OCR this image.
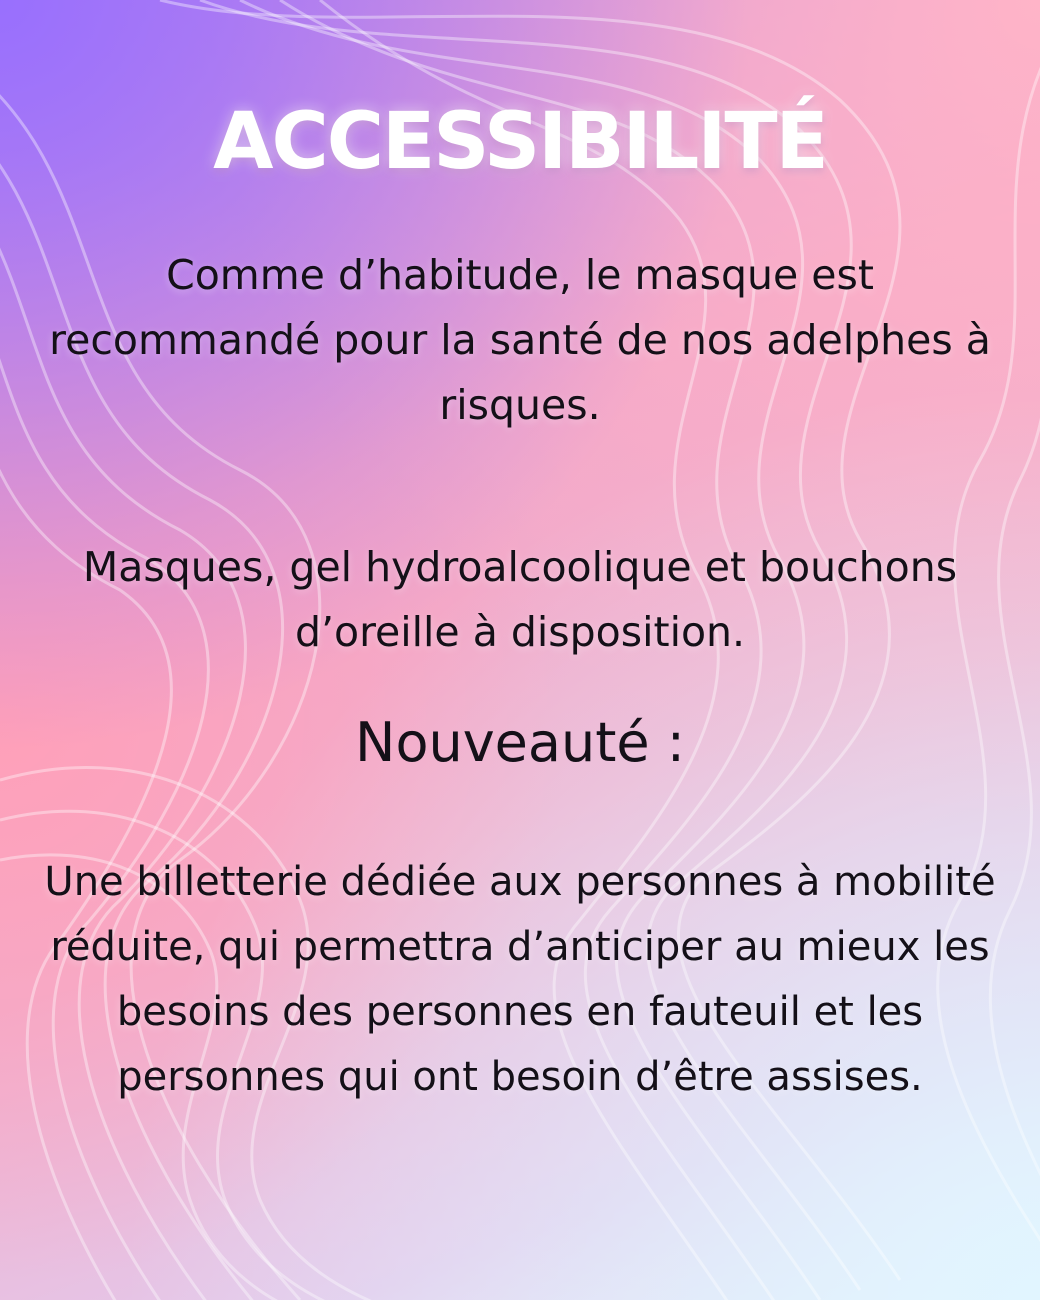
ACCESSIBILITÉ

Comme d’habitude, le masque est recommandé pour la santé de nos adelphes à risques.

Masques, gel hydroalcoolique et bouchons d’oreille à disposition.

Nouveauté :

Une billetterie dédiée aux personnes à mobilité réduite, qui permettra d’anticiper au mieux les besoins des personnes en fauteuil et les personnes qui ont besoin d’être assises.
